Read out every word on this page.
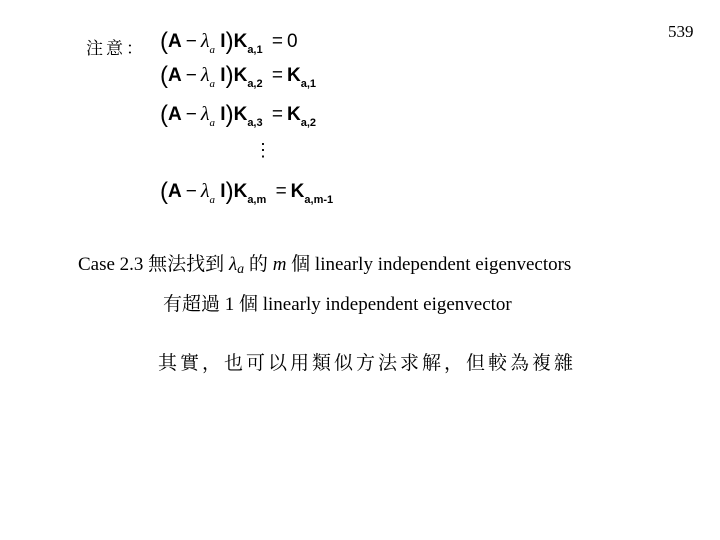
539
注意： ($A - \lambda_a$ $I)K_{a,1} = 0$
($A - \lambda_a$ $I)K_{a,2} = K_{a,1}$
($A - \lambda_a$ $I)K_{a,3} = K_{a,2}$
⋮
($A - \lambda_a$ $I)K_{a,m} = K_{a,m-1}$
Case 2.3 無法找到 $\lambda_a$ 的 m 個 linearly independent eigenvectors
有超過 1 個 linearly independent eigenvector
其實，也可以用類似方法求解，但較為複雜
